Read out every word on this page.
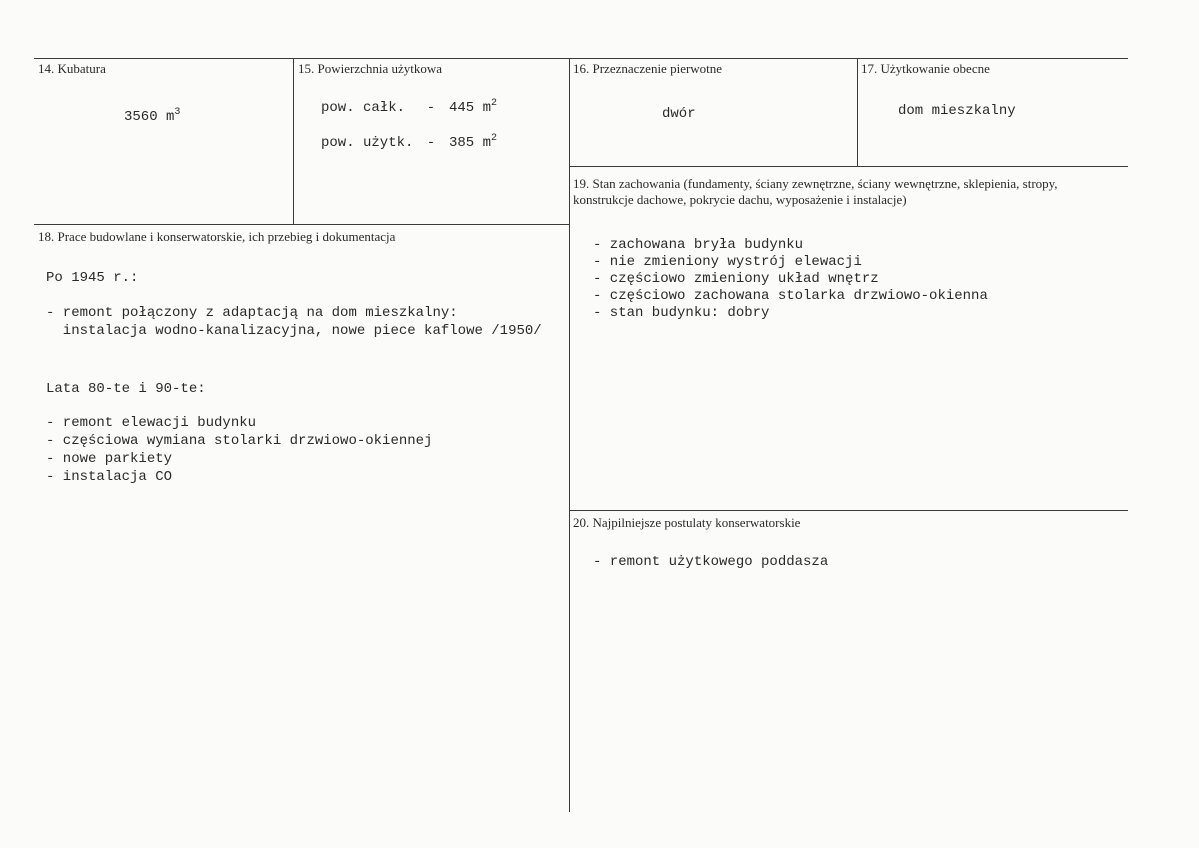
14. Kubatura
3560 $m^3$
15. Powierzchnia użytkowa
pow. całk. - 445 $m^2$
pow. użytk. - 385 $m^2$
16. Przeznaczenie pierwotne
dwór
17. Użytkowanie obecne
dom mieszkalny
18. Prace budowlane i konserwatorskie, ich przebieg i dokumentacja
Po 1945 r.:
- remont połączony z adaptacją na dom mieszkalny:
instalacja wodno-kanalizacyjna, nowe piece kaflowe /1950/
Lata 80-te i 90-te:
- remont elewacji budynku
- częściowa wymiana stolarki drzwiowo-okiennej
- nowe parkiety
- instalacja CO
19. Stan zachowania (fundamenty, ściany zewnętrzne, ściany wewnętrzne, sklepienia, stropy, konstrukcje dachowe, pokrycie dachu, wyposażenie i instalacje)
- zachowana bryła budynku
- nie zmieniony wystrój elewacji
- częściowo zmieniony układ wnętrz
- częściowo zachowana stolarka drzwiowo-okienna
- stan budynku: dobry
20. Najpilniejsze postulaty konserwatorskie
- remont użytkowego poddasza
